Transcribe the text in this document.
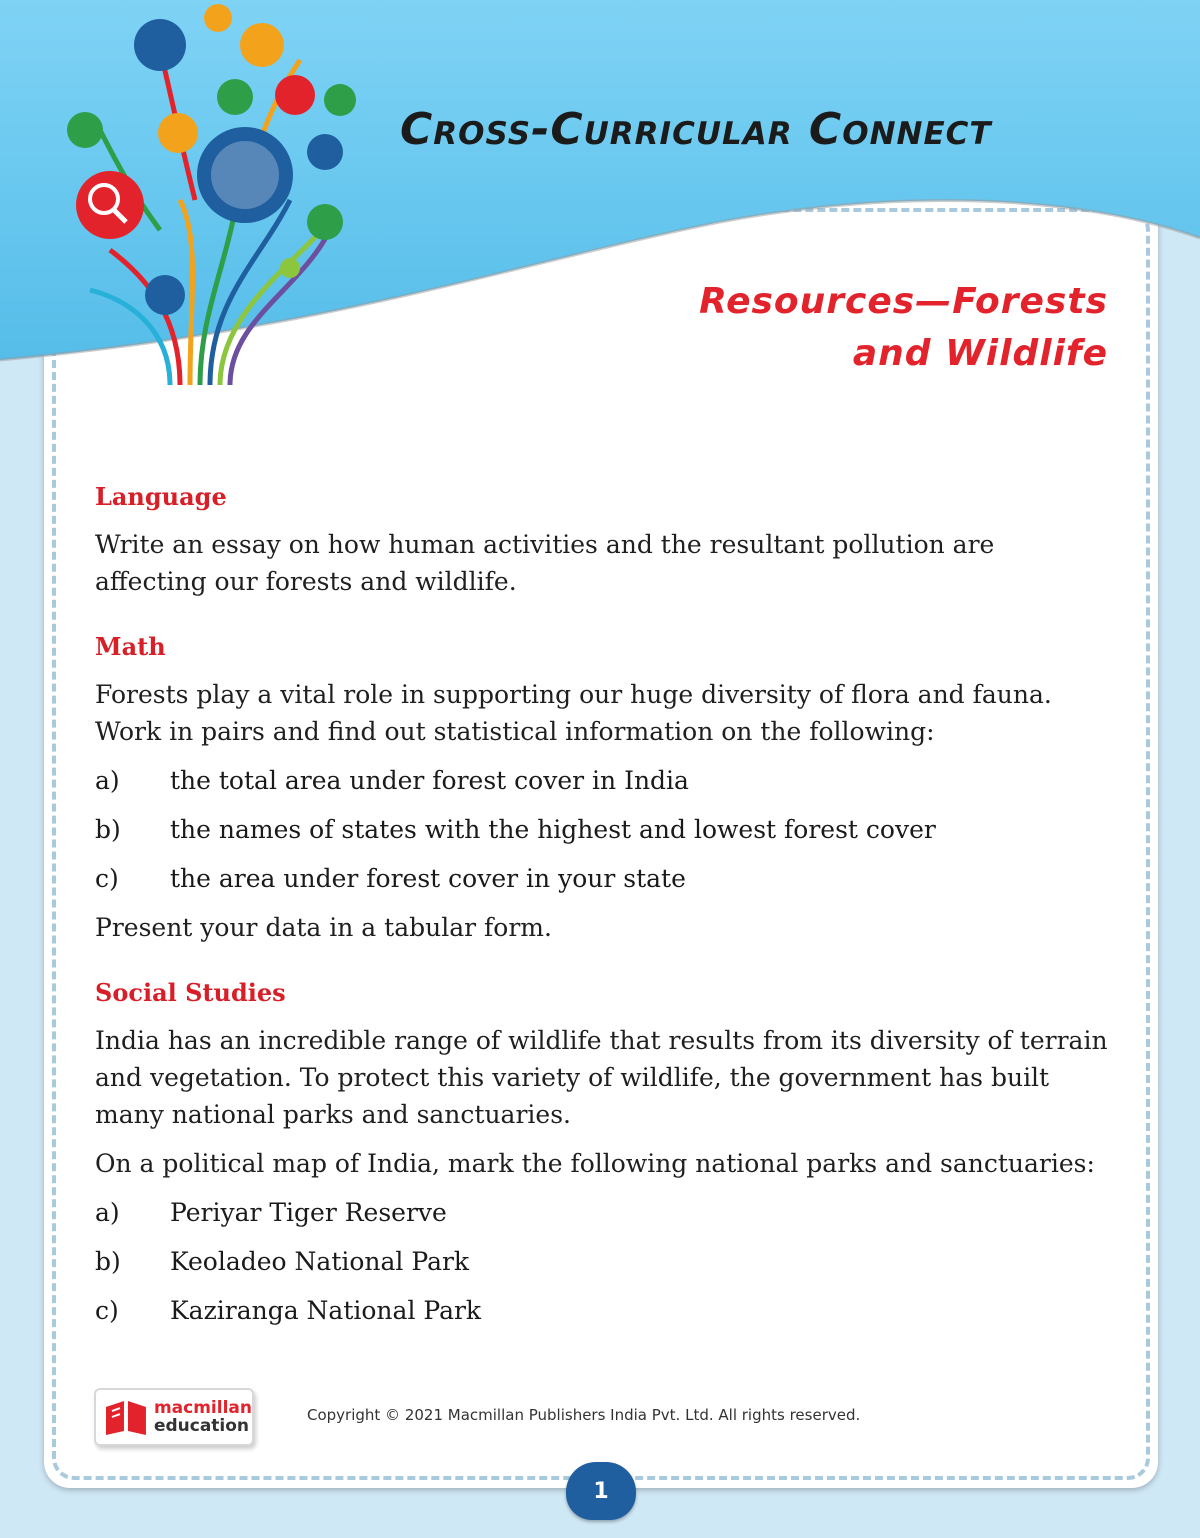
Cross-Curricular Connect
Resources—Forests
and Wildlife
Language
Write an essay on how human activities and the resultant pollution are affecting our forests and wildlife.
Math
Forests play a vital role in supporting our huge diversity of flora and fauna. Work in pairs and find out statistical information on the following:
a)	the total area under forest cover in India
b)	the names of states with the highest and lowest forest cover
c)	the area under forest cover in your state
Present your data in a tabular form.
Social Studies
India has an incredible range of wildlife that results from its diversity of terrain and vegetation. To protect this variety of wildlife, the government has built many national parks and sanctuaries.
On a political map of India, mark the following national parks and sanctuaries:
a)	Periyar Tiger Reserve
b)	Keoladeo National Park
c)	Kaziranga National Park
macmillan
education
Copyright © 2021 Macmillan Publishers India Pvt. Ltd. All rights reserved.
1
